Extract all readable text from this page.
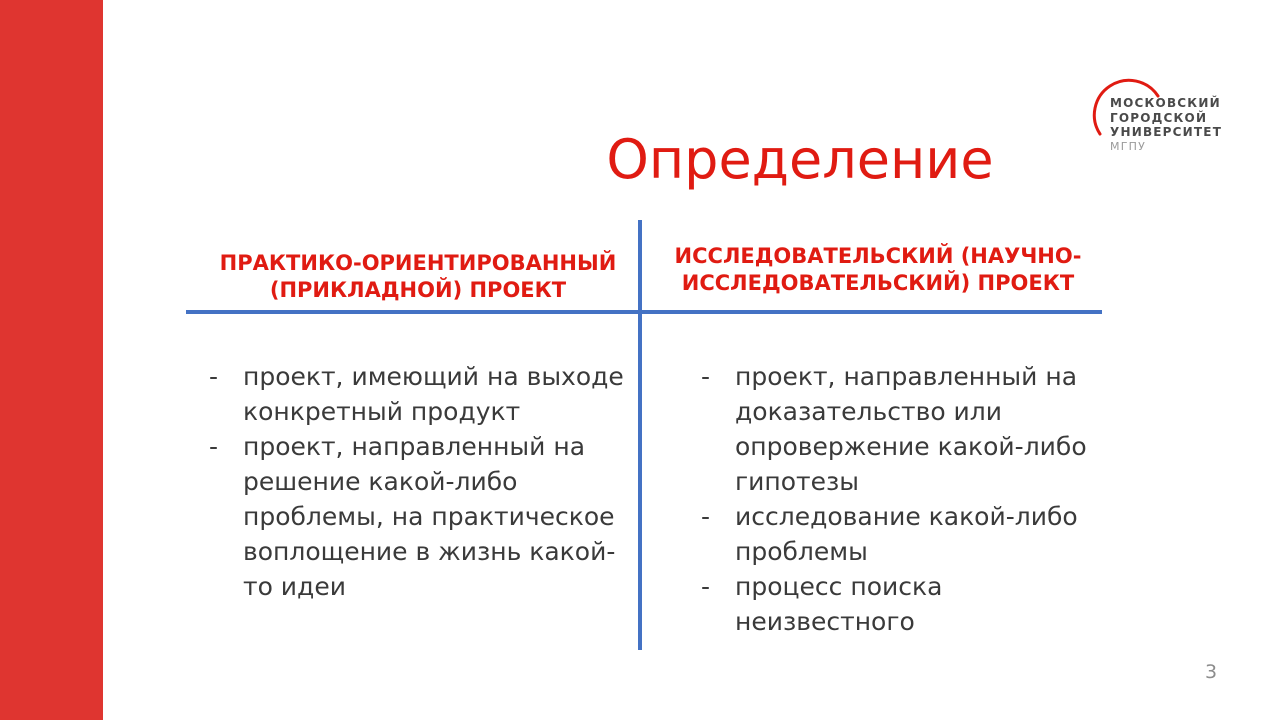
МОСКОВСКИЙ
ГОРОДСКОЙ
УНИВЕРСИТЕТ
МГПУ
Определение
ПРАКТИКО-ОРИЕНТИРОВАННЫЙ
(ПРИКЛАДНОЙ) ПРОЕКТ
ИССЛЕДОВАТЕЛЬСКИЙ (НАУЧНО-
ИССЛЕДОВАТЕЛЬСКИЙ) ПРОЕКТ
- проект, имеющий на выходе конкретный продукт
- проект, направленный на решение какой-либо проблемы, на практическое воплощение в жизнь какой-то идеи
- проект, направленный на доказательство или опровержение какой-либо гипотезы
- исследование какой-либо проблемы
- процесс поиска неизвестного
3
